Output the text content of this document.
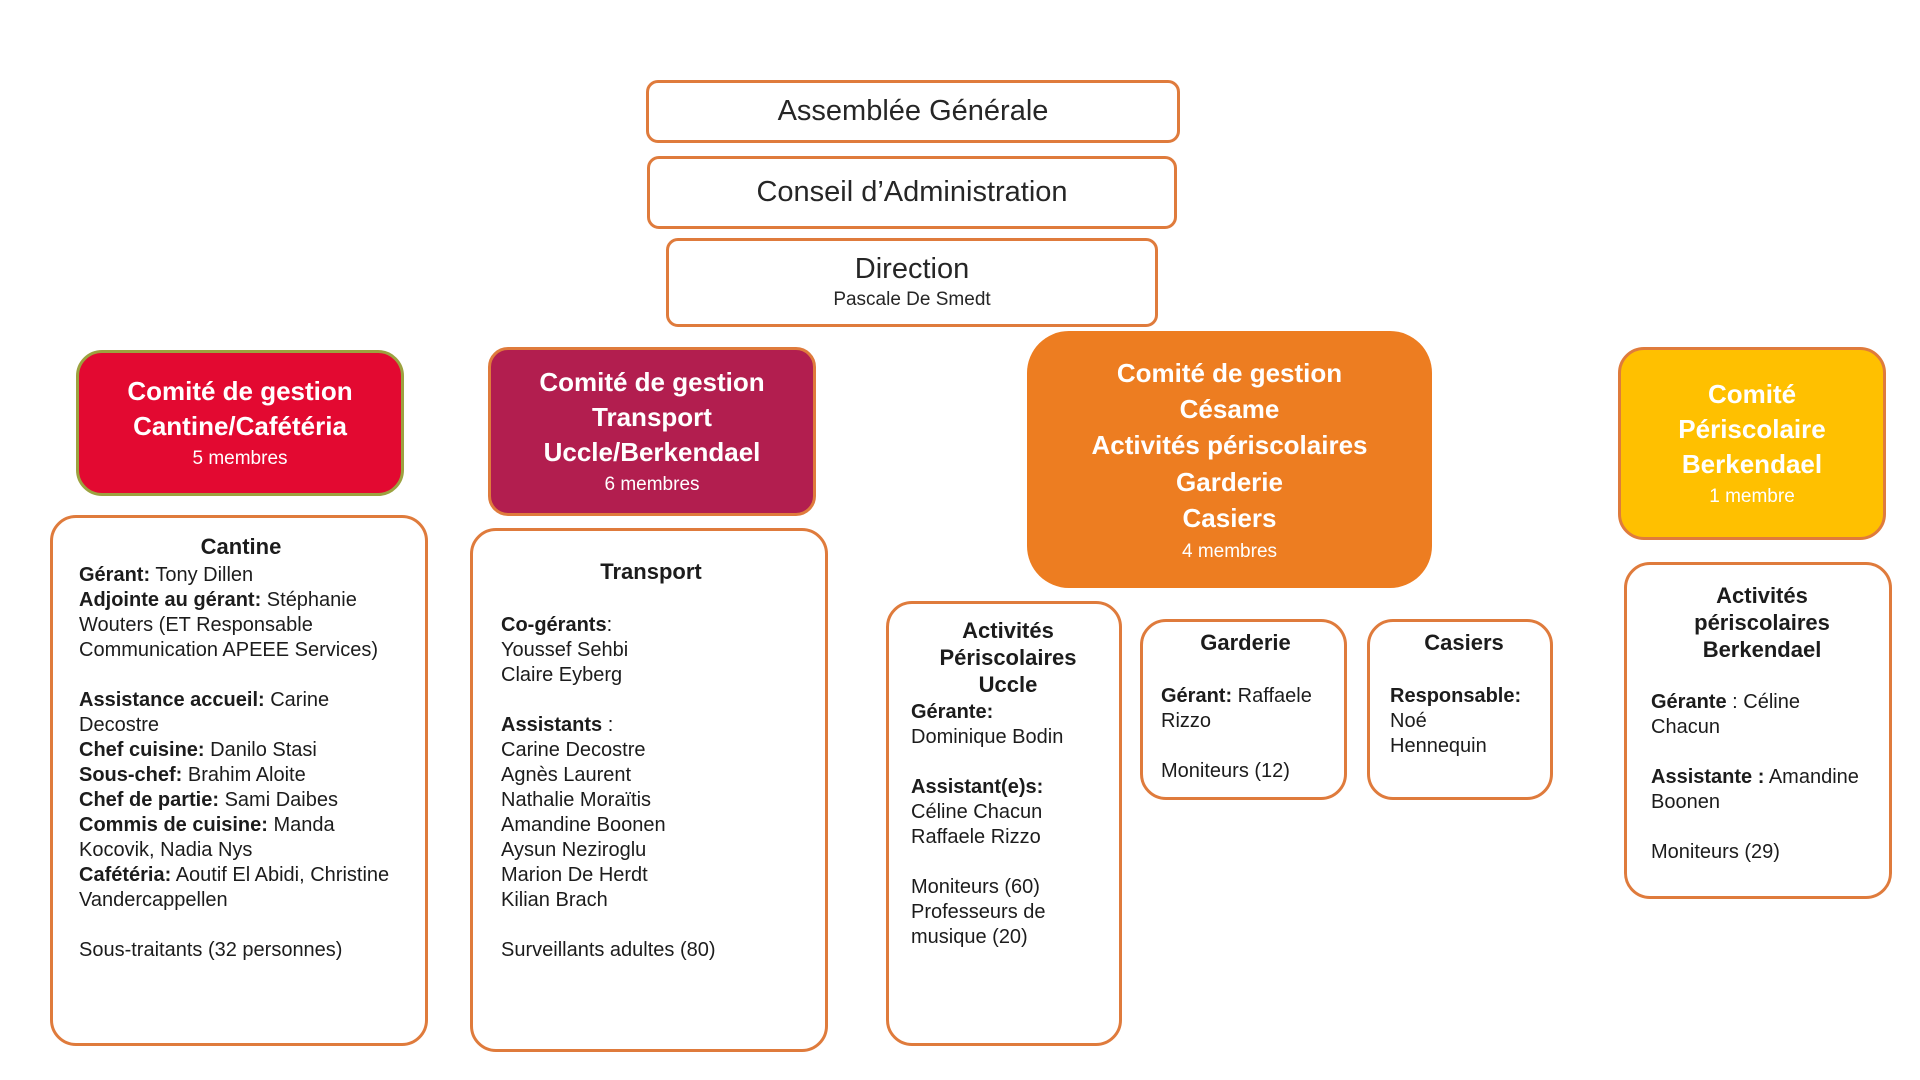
Assemblée Générale
Conseil d’Administration
Direction
Pascale De Smedt
Comité de gestion
Cantine/Cafétéria
5 membres
Comité de gestion
Transport
Uccle/Berkendael
6 membres
Comité de gestion
Césame
Activités périscolaires
Garderie
Casiers
4 membres
Comité
Périscolaire
Berkendael
1 membre
Cantine
Gérant: Tony Dillen
Adjointe au gérant: Stéphanie Wouters (ET Responsable Communication APEEE Services)
Assistance accueil: Carine Decostre
Chef cuisine: Danilo Stasi
Sous-chef: Brahim Aloite
Chef de partie: Sami Daibes
Commis de cuisine: Manda Kocovik, Nadia Nys
Cafétéria: Aoutif El Abidi, Christine Vandercappellen
Sous-traitants (32 personnes)
Transport
Co-gérants:
Youssef Sehbi
Claire Eyberg
Assistants :
Carine Decostre
Agnès Laurent
Nathalie Moraïtis
Amandine Boonen
Aysun Neziroglu
Marion De Herdt
Kilian Brach
Surveillants adultes (80)
Activités
Périscolaires
Uccle
Gérante:
Dominique Bodin
Assistant(e)s:
Céline Chacun
Raffaele Rizzo
Moniteurs (60)
Professeurs de musique (20)
Garderie
Gérant: Raffaele Rizzo
Moniteurs (12)
Casiers
Responsable:
Noé
Hennequin
Activités
périscolaires
Berkendael
Gérante : Céline Chacun
Assistante : Amandine Boonen
Moniteurs (29)
